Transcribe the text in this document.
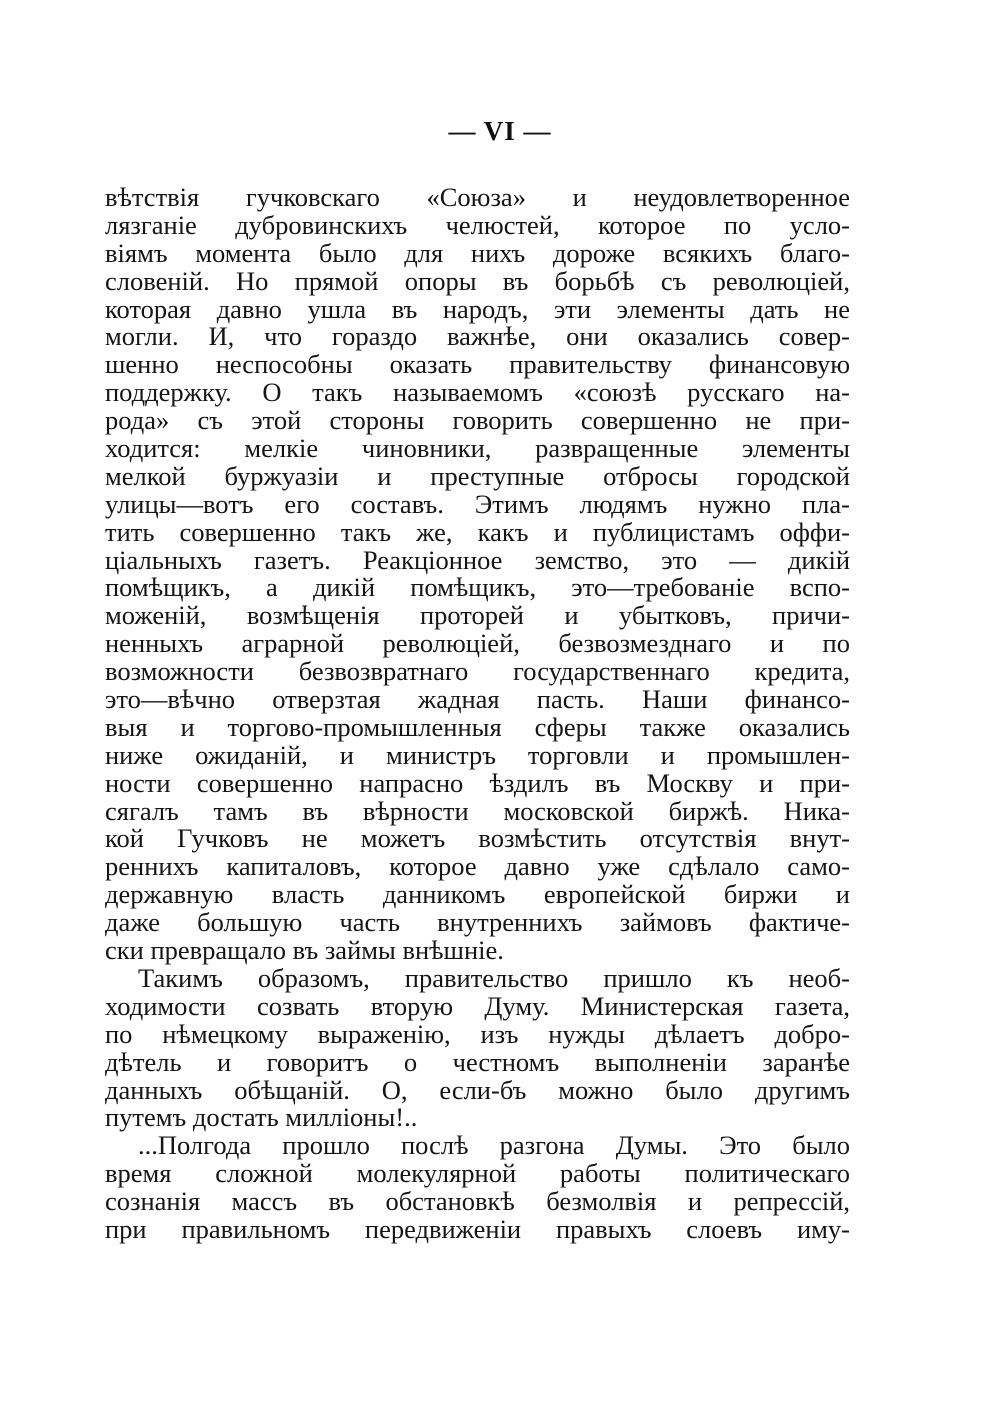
— VI —
вѣтствія гучковскаго «Союза» и неудовлетворенное
лязганіе дубровинскихъ челюстей, которое по усло-
віямъ момента было для нихъ дороже всякихъ благо-
словеній. Но прямой опоры въ борьбѣ съ революціей,
которая давно ушла въ народъ, эти элементы дать не
могли. И, что гораздо важнѣе, они оказались совер-
шенно неспособны оказать правительству финансовую
поддержку. О такъ называемомъ «союзѣ русскаго на-
рода» съ этой стороны говорить совершенно не при-
ходится: мелкіе чиновники, развращенные элементы
мелкой буржуазіи и преступные отбросы городской
улицы—вотъ его составъ. Этимъ людямъ нужно пла-
тить совершенно такъ же, какъ и публицистамъ оффи-
ціальныхъ газетъ. Реакціонное земство, это — дикій
помѣщикъ, а дикій помѣщикъ, это—требованіе вспо-
моженій, возмѣщенія проторей и убытковъ, причи-
ненныхъ аграрной революціей, безвозмезднаго и по
возможности безвозвратнаго государственнаго кредита,
это—вѣчно отверзтая жадная пасть. Наши финансо-
выя и торгово-промышленныя сферы также оказались
ниже ожиданій, и министръ торговли и промышлен-
ности совершенно напрасно ѣздилъ въ Москву и при-
сягалъ тамъ въ вѣрности московской биржѣ. Ника-
кой Гучковъ не можетъ возмѣстить отсутствія внут-
реннихъ капиталовъ, которое давно уже сдѣлало само-
державную власть данникомъ европейской биржи и
даже большую часть внутреннихъ займовъ фактиче-
ски превращало въ займы внѣшніе.
Такимъ образомъ, правительство пришло къ необ-
ходимости созвать вторую Думу. Министерская газета,
по нѣмецкому выраженію, изъ нужды дѣлаетъ добро-
дѣтель и говоритъ о честномъ выполненіи заранѣе
данныхъ обѣщаній. О, если-бъ можно было другимъ
путемъ достать милліоны!..
...Полгода прошло послѣ разгона Думы. Это было
время сложной молекулярной работы политическаго
сознанія массъ въ обстановкѣ безмолвія и репрессій,
при правильномъ передвиженіи правыхъ слоевъ иму-
